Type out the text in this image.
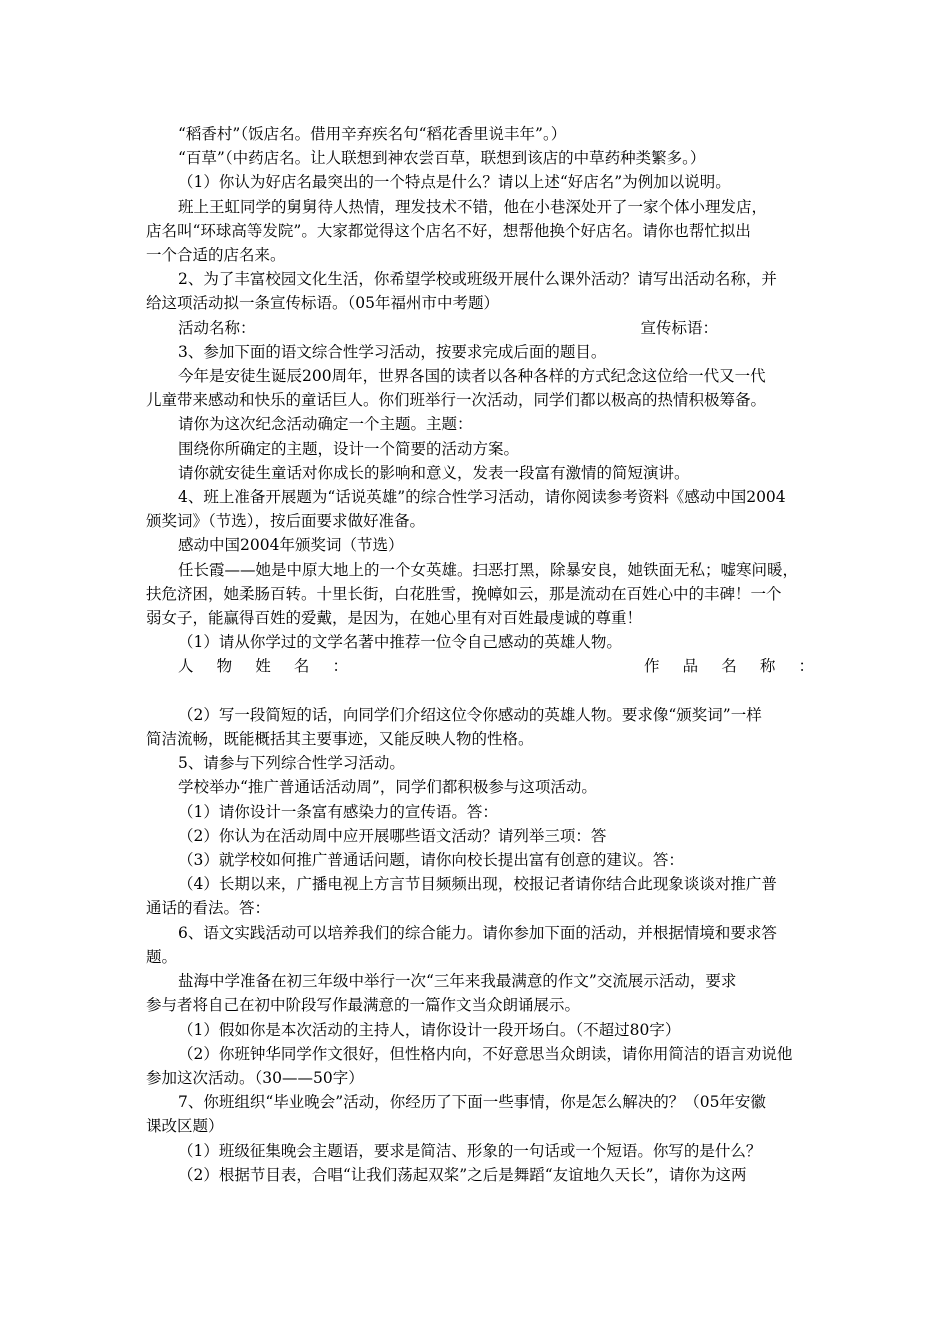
“稻香村”（饭店名。借用辛弃疾名句“稻花香里说丰年”。）
“百草”（中药店名。让人联想到神农尝百草，联想到该店的中草药种类繁多。）
（1）你认为好店名最突出的一个特点是什么？请以上述“好店名”为例加以说明。
班上王虹同学的舅舅待人热情，理发技术不错，他在小巷深处开了一家个体小理发店，
店名叫“环球高等发院”。大家都觉得这个店名不好，想帮他换个好店名。请你也帮忙拟出
一个合适的店名来。
2、为了丰富校园文化生活，你希望学校或班级开展什么课外活动？请写出活动名称，并
给这项活动拟一条宣传标语。（05年福州市中考题）
活动名称：	宣传标语：
3、参加下面的语文综合性学习活动，按要求完成后面的题目。
今年是安徒生诞辰200周年，世界各国的读者以各种各样的方式纪念这位给一代又一代
儿童带来感动和快乐的童话巨人。你们班举行一次活动，同学们都以极高的热情积极筹备。
请你为这次纪念活动确定一个主题。主题：
围绕你所确定的主题，设计一个简要的活动方案。
请你就安徒生童话对你成长的影响和意义，发表一段富有激情的简短演讲。
4、班上准备开展题为“话说英雄”的综合性学习活动，请你阅读参考资料《感动中国2004
颁奖词》（节选），按后面要求做好准备。
感动中国2004年颁奖词（节选）
任长霞——她是中原大地上的一个女英雄。扫恶打黑，除暴安良，她铁面无私；嘘寒问暖，
扶危济困，她柔肠百转。十里长街，白花胜雪，挽幛如云，那是流动在百姓心中的丰碑！一个
弱女子，能赢得百姓的爱戴，是因为，在她心里有对百姓最虔诚的尊重！
（1）请从你学过的文学名著中推荐一位令自己感动的英雄人物。
人 物 姓 名 ：	作 品 名 称 ：
（2）写一段简短的话，向同学们介绍这位令你感动的英雄人物。要求像“颁奖词”一样
简洁流畅，既能概括其主要事迹，又能反映人物的性格。
5、请参与下列综合性学习活动。
学校举办“推广普通话活动周”，同学们都积极参与这项活动。
（1）请你设计一条富有感染力的宣传语。答：
（2）你认为在活动周中应开展哪些语文活动？请列举三项：答
（3）就学校如何推广普通话问题，请你向校长提出富有创意的建议。答：
（4）长期以来，广播电视上方言节目频频出现，校报记者请你结合此现象谈谈对推广普
通话的看法。答：
6、语文实践活动可以培养我们的综合能力。请你参加下面的活动，并根据情境和要求答
题。
盐海中学准备在初三年级中举行一次“三年来我最满意的作文”交流展示活动，要求
参与者将自己在初中阶段写作最满意的一篇作文当众朗诵展示。
（1）假如你是本次活动的主持人，请你设计一段开场白。（不超过80字）
（2）你班钟华同学作文很好，但性格内向，不好意思当众朗读，请你用简洁的语言劝说他
参加这次活动。（30——50字）
7、你班组织“毕业晚会”活动，你经历了下面一些事情，你是怎么解决的？（05年安徽
课改区题）
（1）班级征集晚会主题语，要求是简洁、形象的一句话或一个短语。你写的是什么？
（2）根据节目表，合唱“让我们荡起双桨”之后是舞蹈“友谊地久天长”，请你为这两
